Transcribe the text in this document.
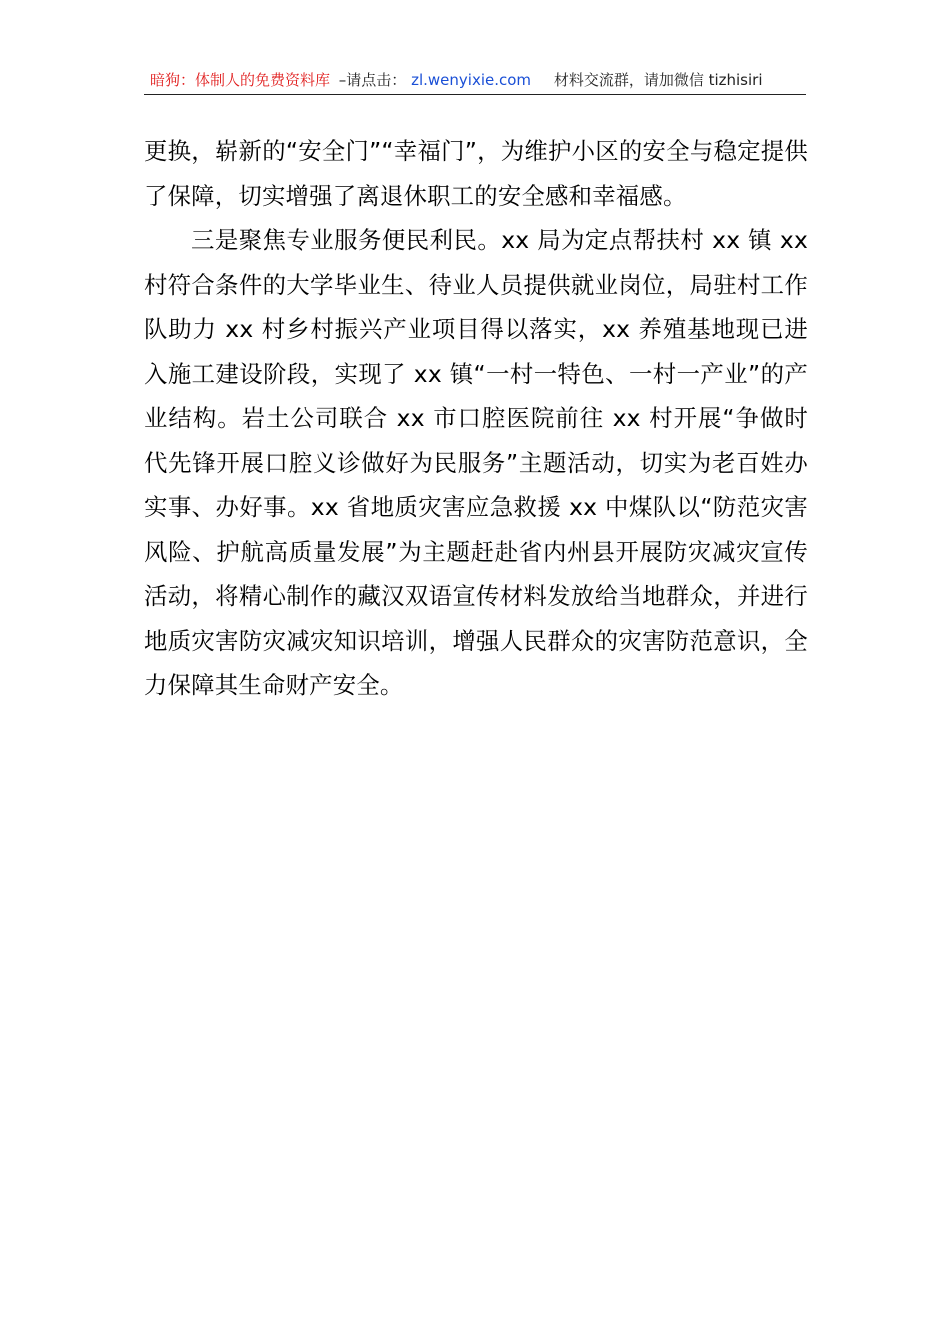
暗狗：体制人的免费资料库 –请点击： zl.wenyixie.com 材料交流群，请加微信 tizhisiri

更换，崭新的“安全门”“幸福门”，为维护小区的安全与稳定提供了保障，切实增强了离退休职工的安全感和幸福感。

三是聚焦专业服务便民利民。xx 局为定点帮扶村 xx 镇 xx 村符合条件的大学毕业生、待业人员提供就业岗位，局驻村工作队助力 xx 村乡村振兴产业项目得以落实，xx 养殖基地现已进入施工建设阶段，实现了 xx 镇“一村一特色、一村一产业”的产业结构。岩土公司联合 xx 市口腔医院前往 xx 村开展“争做时代先锋开展口腔义诊做好为民服务”主题活动，切实为老百姓办实事、办好事。xx 省地质灾害应急救援 xx 中煤队以“防范灾害风险、护航高质量发展”为主题赶赴省内州县开展防灾减灾宣传活动，将精心制作的藏汉双语宣传材料发放给当地群众，并进行地质灾害防灾减灾知识培训，增强人民群众的灾害防范意识，全力保障其生命财产安全。
